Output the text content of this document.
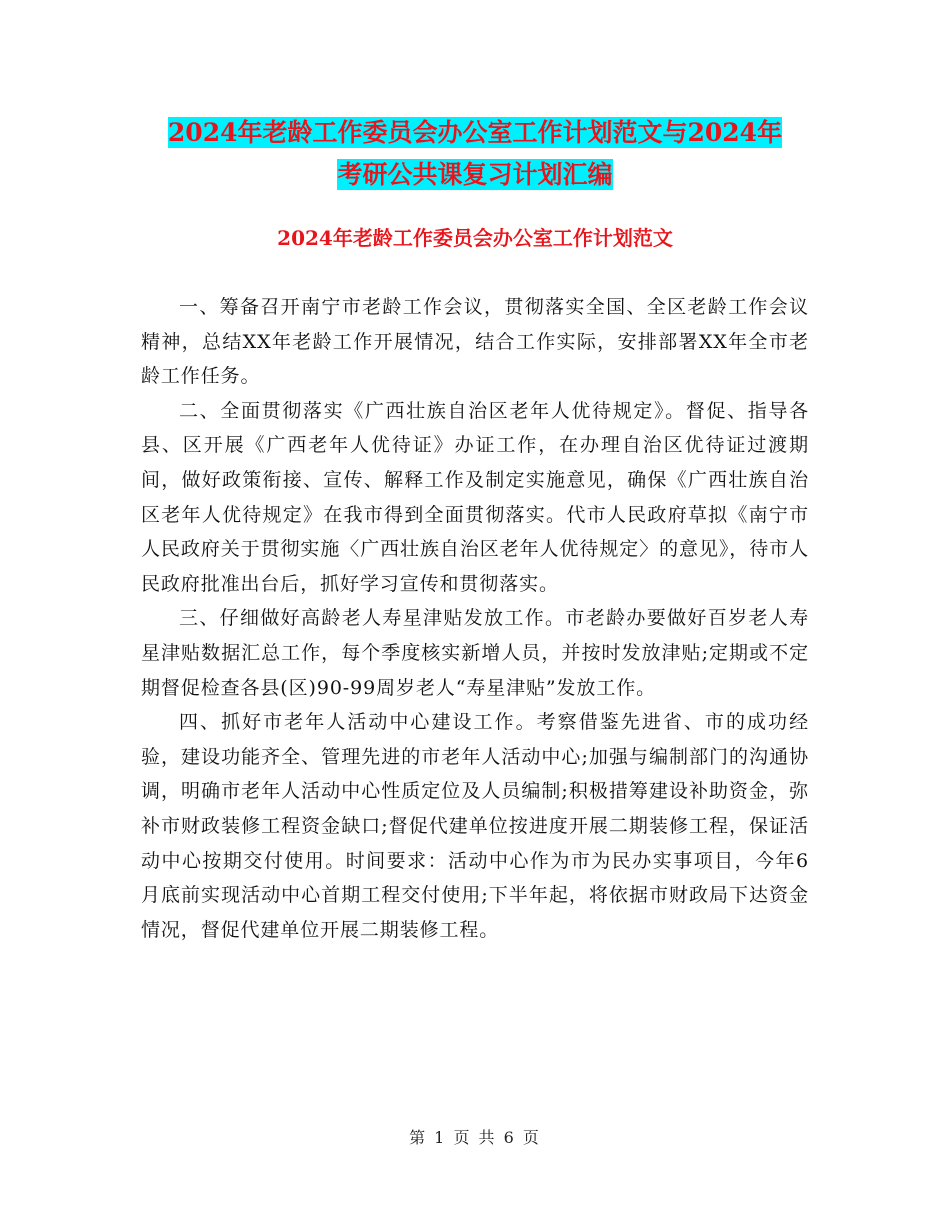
2024年老龄工作委员会办公室工作计划范文与2024年
考研公共课复习计划汇编
2024年老龄工作委员会办公室工作计划范文

一、筹备召开南宁市老龄工作会议，贯彻落实全国、全区老龄工作会议精神，总结XX年老龄工作开展情况，结合工作实际，安排部署XX年全市老龄工作任务。

二、全面贯彻落实《广西壮族自治区老年人优待规定》。督促、指导各县、区开展《广西老年人优待证》办证工作，在办理自治区优待证过渡期间，做好政策衔接、宣传、解释工作及制定实施意见，确保《广西壮族自治区老年人优待规定》在我市得到全面贯彻落实。代市人民政府草拟《南宁市人民政府关于贯彻实施〈广西壮族自治区老年人优待规定〉的意见》，待市人民政府批准出台后，抓好学习宣传和贯彻落实。

三、仔细做好高龄老人寿星津贴发放工作。市老龄办要做好百岁老人寿星津贴数据汇总工作，每个季度核实新增人员，并按时发放津贴;定期或不定期督促检查各县(区)90-99周岁老人“寿星津贴”发放工作。

四、抓好市老年人活动中心建设工作。考察借鉴先进省、市的成功经验，建设功能齐全、管理先进的市老年人活动中心;加强与编制部门的沟通协调，明确市老年人活动中心性质定位及人员编制;积极措筹建设补助资金，弥补市财政装修工程资金缺口;督促代建单位按进度开展二期装修工程，保证活动中心按期交付使用。时间要求：活动中心作为市为民办实事项目，今年6月底前实现活动中心首期工程交付使用;下半年起，将依据市财政局下达资金情况，督促代建单位开展二期装修工程。

第 1 页 共 6 页
